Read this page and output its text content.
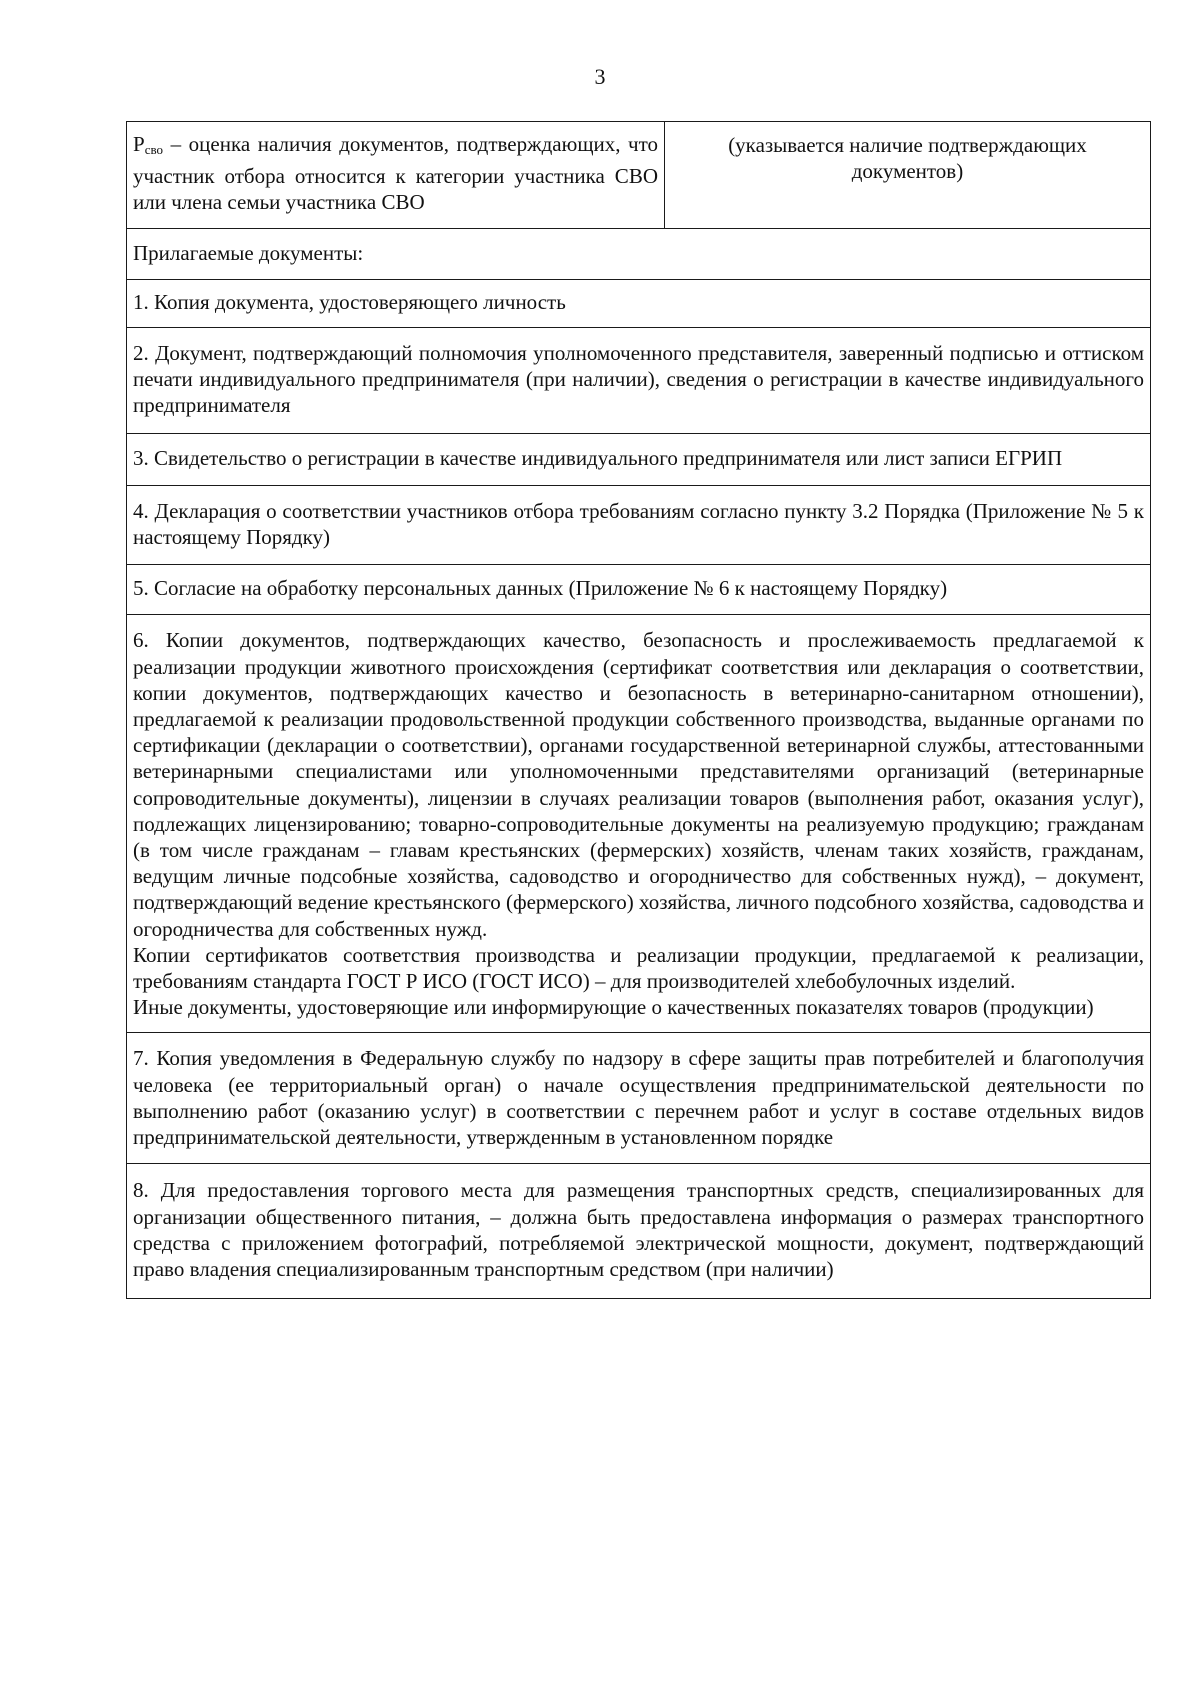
3
$Р_{сво}$ – оценка наличия документов, подтверждающих, что участник отбора относится к категории участника СВО или члена семьи участника СВО	(указывается наличие подтверждающих документов)
Прилагаемые документы:
1. Копия документа, удостоверяющего личность
2. Документ, подтверждающий полномочия уполномоченного представителя, заверенный подписью и оттиском печати индивидуального предпринимателя (при наличии), сведения о регистрации в качестве индивидуального предпринимателя
3. Свидетельство о регистрации в качестве индивидуального предпринимателя или лист записи ЕГРИП
4. Декларация о соответствии участников отбора требованиям согласно пункту 3.2 Порядка (Приложение № 5 к настоящему Порядку)
5. Согласие на обработку персональных данных (Приложение № 6 к настоящему Порядку)

6. Копии документов, подтверждающих качество, безопасность и прослеживаемость предлагаемой к реализации продукции животного происхождения (сертификат соответствия или декларация о соответствии, копии документов, подтверждающих качество и безопасность в ветеринарно-санитарном отношении), предлагаемой к реализации продовольственной продукции собственного производства, выданные органами по сертификации (декларации о соответствии), органами государственной ветеринарной службы, аттестованными ветеринарными специалистами или уполномоченными представителями организаций (ветеринарные сопроводительные документы), лицензии в случаях реализации товаров (выполнения работ, оказания услуг), подлежащих лицензированию; товарно-сопроводительные документы на реализуемую продукцию; гражданам (в том числе гражданам – главам крестьянских (фермерских) хозяйств, членам таких хозяйств, гражданам, ведущим личные подсобные хозяйства, садоводство и огородничество для собственных нужд), – документ, подтверждающий ведение крестьянского (фермерского) хозяйства, личного подсобного хозяйства, садоводства и огородничества для собственных нужд.
Копии сертификатов соответствия производства и реализации продукции, предлагаемой к реализации, требованиям стандарта ГОСТ Р ИСО (ГОСТ ИСО) – для производителей хлебобулочных изделий.
Иные документы, удостоверяющие или информирующие о качественных показателях товаров (продукции)

7. Копия уведомления в Федеральную службу по надзору в сфере защиты прав потребителей и благополучия человека (ее территориальный орган) о начале осуществления предпринимательской деятельности по выполнению работ (оказанию услуг) в соответствии с перечнем работ и услуг в составе отдельных видов предпринимательской деятельности, утвержденным в установленном порядке
8. Для предоставления торгового места для размещения транспортных средств, специализированных для организации общественного питания, – должна быть предоставлена информация о размерах транспортного средства с приложением фотографий, потребляемой электрической мощности, документ, подтверждающий право владения специализированным транспортным средством (при наличии)
